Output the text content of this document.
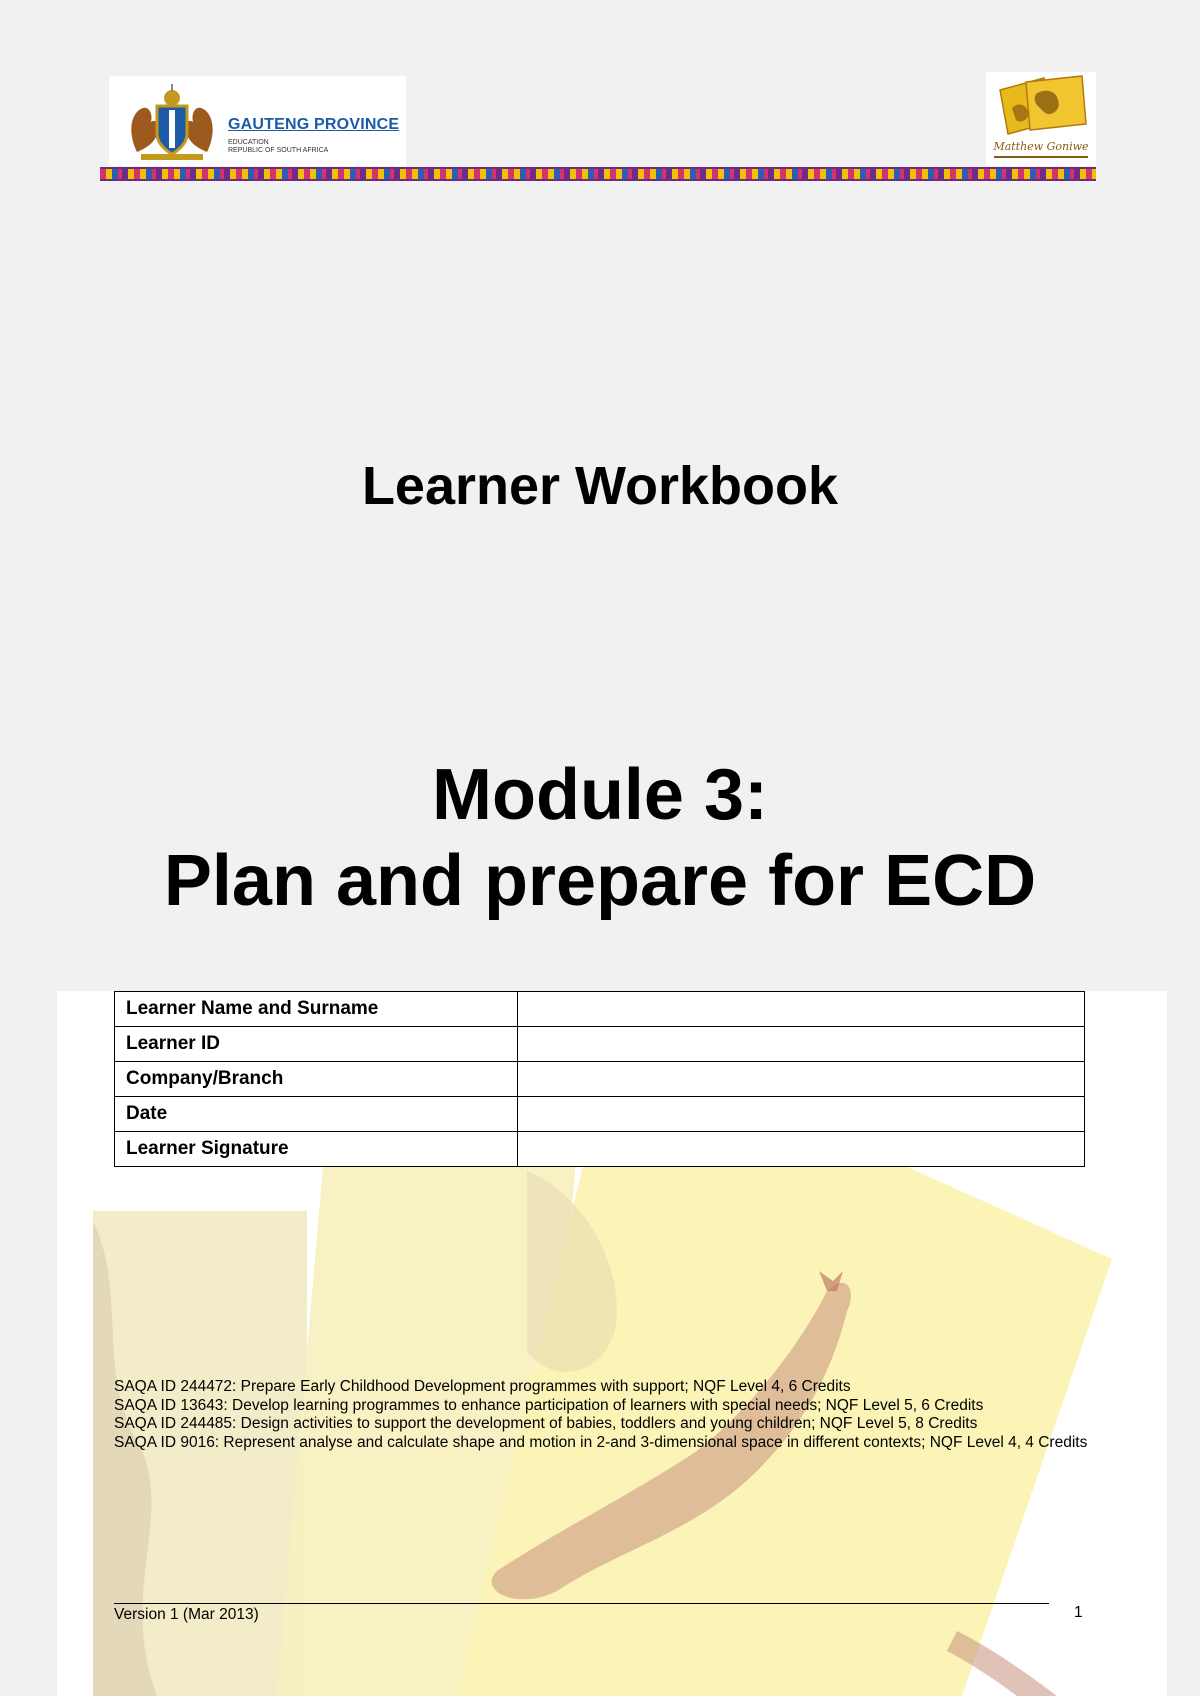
GAUTENG PROVINCE
EDUCATION
REPUBLIC OF SOUTH AFRICA	Matthew Goniwe
Learner Workbook
Module 3:
Plan and prepare for ECD
Learner Name and Surname	
Learner ID	
Company/Branch	
Date	
Learner Signature	
SAQA ID 244472: Prepare Early Childhood Development programmes with support; NQF Level 4, 6 Credits
SAQA ID 13643: Develop learning programmes to enhance participation of learners with special needs; NQF Level 5, 6 Credits
SAQA ID 244485: Design activities to support the development of babies, toddlers and young children; NQF Level 5, 8 Credits
SAQA ID 9016: Represent analyse and calculate shape and motion in 2-and 3-dimensional space in different contexts; NQF Level 4, 4 Credits
Version 1 (Mar 2013)	1
